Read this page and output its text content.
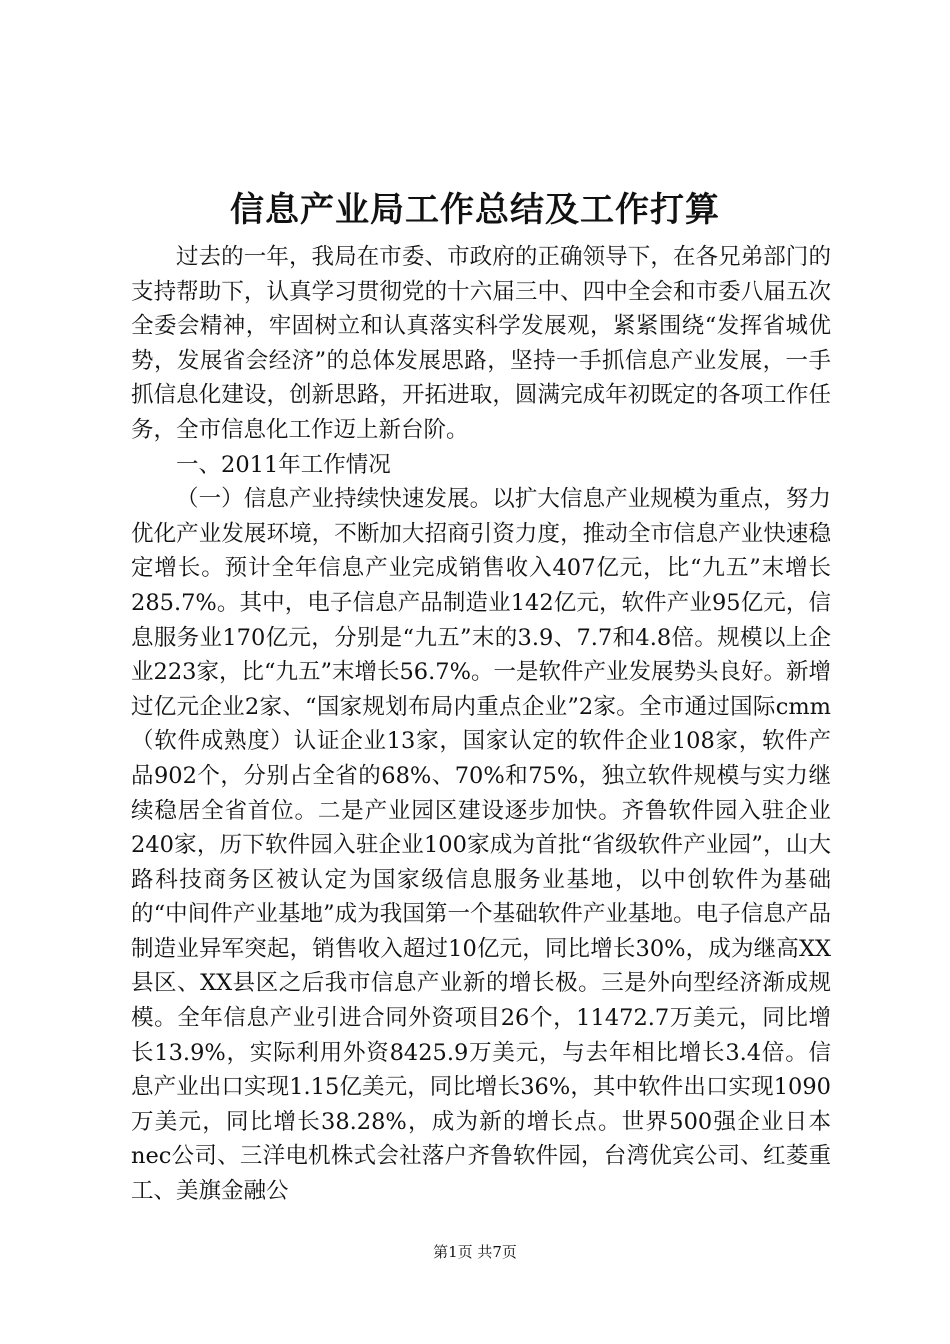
信息产业局工作总结及工作打算

过去的一年，我局在市委、市政府的正确领导下，在各兄弟部门的支持帮助下，认真学习贯彻党的十六届三中、四中全会和市委八届五次全委会精神，牢固树立和认真落实科学发展观，紧紧围绕“发挥省城优势，发展省会经济”的总体发展思路，坚持一手抓信息产业发展，一手抓信息化建设，创新思路，开拓进取，圆满完成年初既定的各项工作任务，全市信息化工作迈上新台阶。

一、2011年工作情况

（一）信息产业持续快速发展。以扩大信息产业规模为重点，努力优化产业发展环境，不断加大招商引资力度，推动全市信息产业快速稳定增长。预计全年信息产业完成销售收入407亿元，比“九五”末增长285.7%。其中，电子信息产品制造业142亿元，软件产业95亿元，信息服务业170亿元，分别是“九五”末的3.9、7.7和4.8倍。规模以上企业223家，比“九五”末增长56.7%。一是软件产业发展势头良好。新增过亿元企业2家、“国家规划布局内重点企业”2家。全市通过国际cmm（软件成熟度）认证企业13家，国家认定的软件企业108家，软件产品902个，分别占全省的68%、70%和75%，独立软件规模与实力继续稳居全省首位。二是产业园区建设逐步加快。齐鲁软件园入驻企业240家，历下软件园入驻企业100家成为首批“省级软件产业园”，山大路科技商务区被认定为国家级信息服务业基地，以中创软件为基础的“中间件产业基地”成为我国第一个基础软件产业基地。电子信息产品制造业异军突起，销售收入超过10亿元，同比增长30%，成为继高XX县区、XX县区之后我市信息产业新的增长极。三是外向型经济渐成规模。全年信息产业引进合同外资项目26个，11472.7万美元，同比增长13.9%，实际利用外资8425.9万美元，与去年相比增长3.4倍。信息产业出口实现1.15亿美元，同比增长36%，其中软件出口实现1090万美元，同比增长38.28%，成为新的增长点。世界500强企业日本nec公司、三洋电机株式会社落户齐鲁软件园，台湾优宾公司、红菱重工、美旗金融公

第1页 共7页
